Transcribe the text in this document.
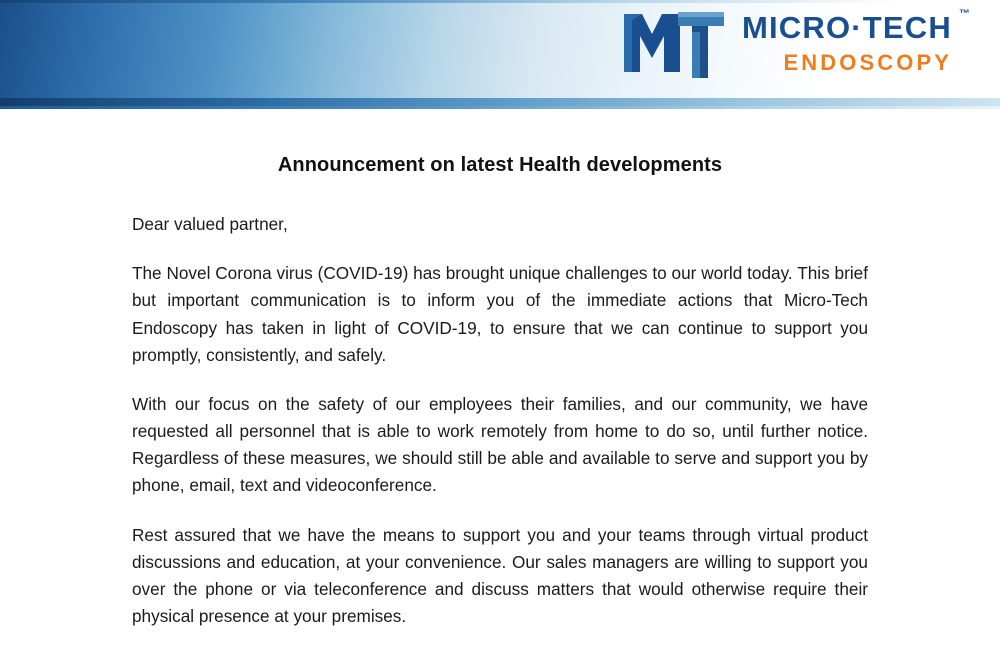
MICRO·TECH ™
ENDOSCOPY
Announcement on latest Health developments

Dear valued partner,

The Novel Corona virus (COVID-19) has brought unique challenges to our world today. This brief but important communication is to inform you of the immediate actions that Micro-Tech Endoscopy has taken in light of COVID-19, to ensure that we can continue to support you promptly, consistently, and safely.

With our focus on the safety of our employees their families, and our community, we have requested all personnel that is able to work remotely from home to do so, until further notice. Regardless of these measures, we should still be able and available to serve and support you by phone, email, text and videoconference.

Rest assured that we have the means to support you and your teams through virtual product discussions and education, at your convenience. Our sales managers are willing to support you over the phone or via teleconference and discuss matters that would otherwise require their physical presence at your premises.
